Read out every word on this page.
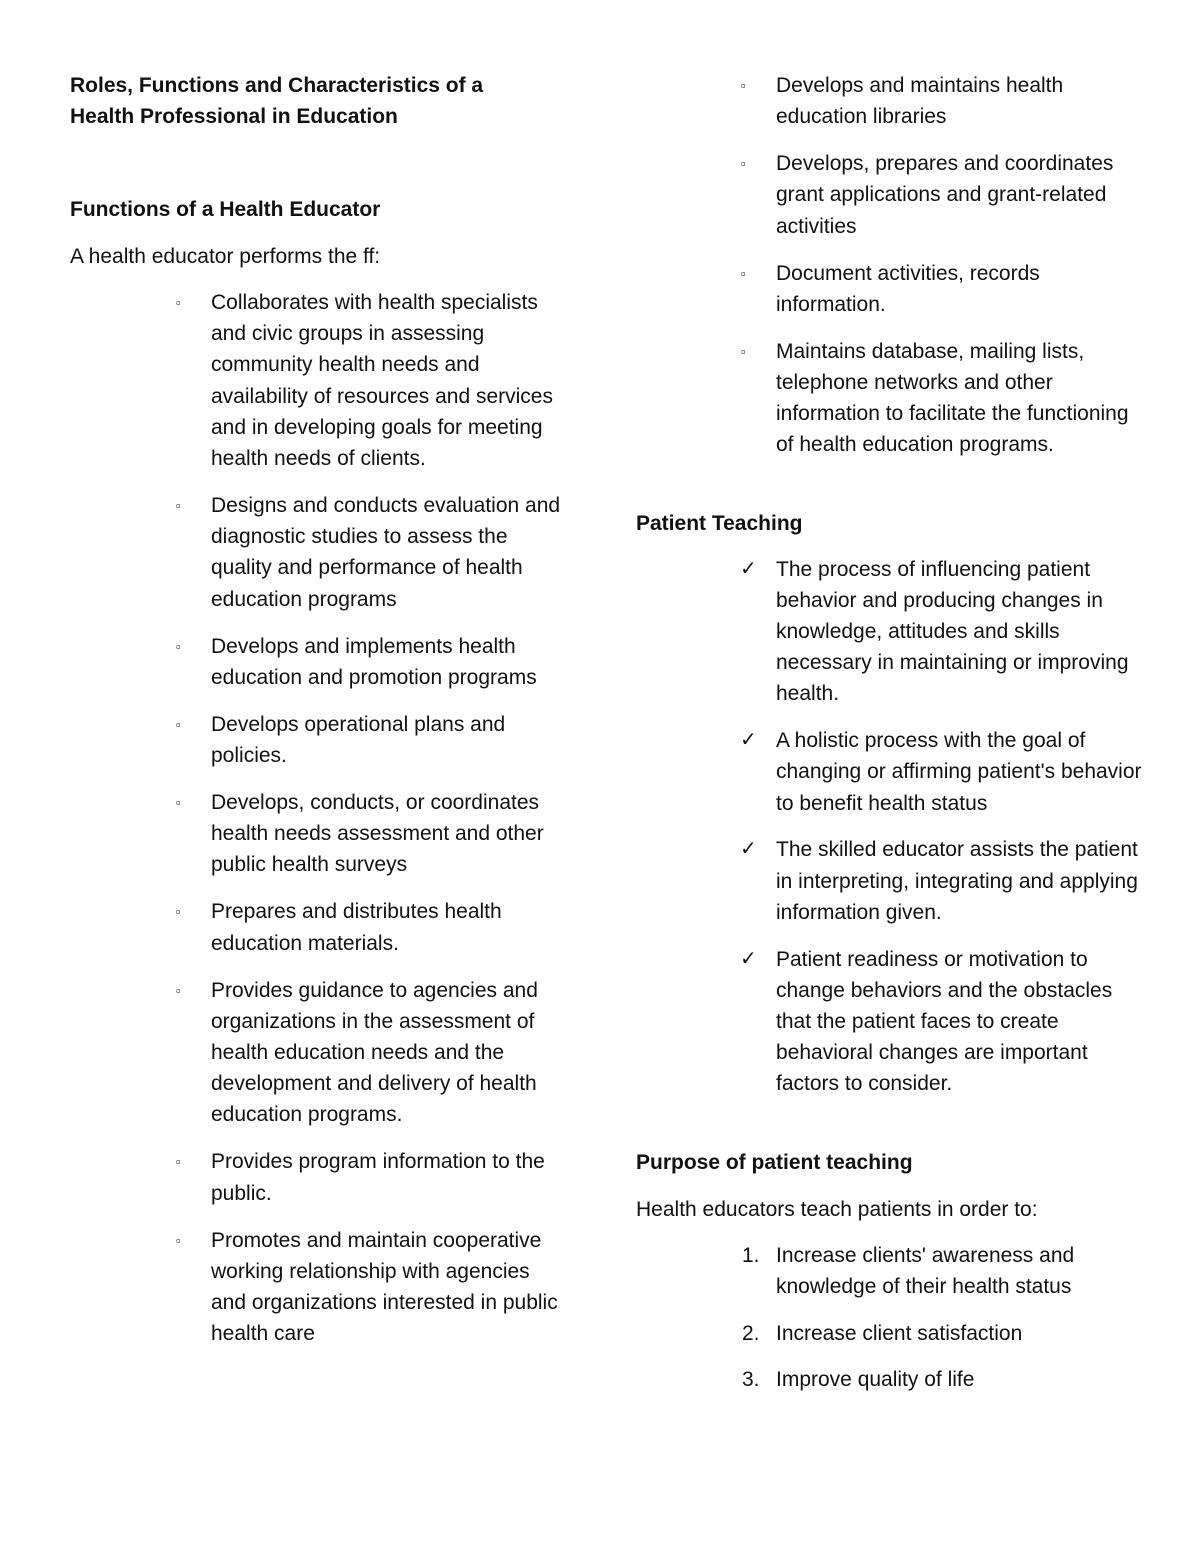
Roles, Functions and Characteristics of a Health Professional in Education

Functions of a Health Educator

A health educator performs the ff:

▫ Collaborates with health specialists and civic groups in assessing community health needs and availability of resources and services and in developing goals for meeting health needs of clients.
▫ Designs and conducts evaluation and diagnostic studies to assess the quality and performance of health education programs
▫ Develops and implements health education and promotion programs
▫ Develops operational plans and policies.
▫ Develops, conducts, or coordinates health needs assessment and other public health surveys
▫ Prepares and distributes health education materials.
▫ Provides guidance to agencies and organizations in the assessment of health education needs and the development and delivery of health education programs.
▫ Provides program information to the public.
▫ Promotes and maintain cooperative working relationship with agencies and organizations interested in public health care
▫ Develops and maintains health education libraries
▫ Develops, prepares and coordinates grant applications and grant-related activities
▫ Document activities, records information.
▫ Maintains database, mailing lists, telephone networks and other information to facilitate the functioning of health education programs.

Patient Teaching

✓ The process of influencing patient behavior and producing changes in knowledge, attitudes and skills necessary in maintaining or improving health.
✓ A holistic process with the goal of changing or affirming patient's behavior to benefit health status
✓ The skilled educator assists the patient in interpreting, integrating and applying information given.
✓ Patient readiness or motivation to change behaviors and the obstacles that the patient faces to create behavioral changes are important factors to consider.

Purpose of patient teaching

Health educators teach patients in order to:

1. Increase clients' awareness and knowledge of their health status
2. Increase client satisfaction
3. Improve quality of life
